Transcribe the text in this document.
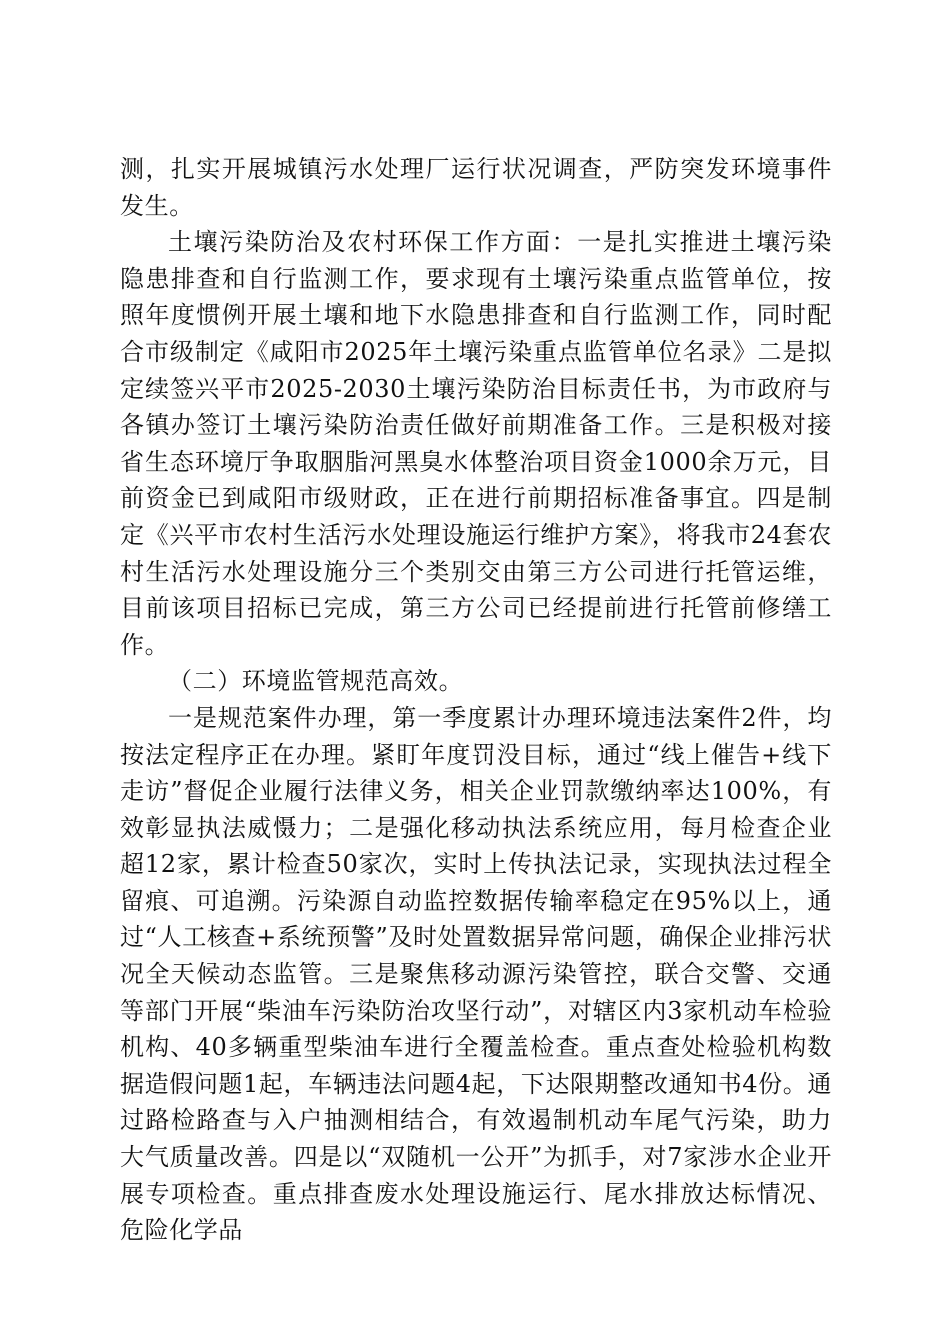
测，扎实开展城镇污水处理厂运行状况调查，严防突发环境事件发生。

土壤污染防治及农村环保工作方面：一是扎实推进土壤污染隐患排查和自行监测工作，要求现有土壤污染重点监管单位，按照年度惯例开展土壤和地下水隐患排查和自行监测工作，同时配合市级制定《咸阳市2025年土壤污染重点监管单位名录》二是拟定续签兴平市2025-2030土壤污染防治目标责任书，为市政府与各镇办签订土壤污染防治责任做好前期准备工作。三是积极对接省生态环境厅争取胭脂河黑臭水体整治项目资金1000余万元，目前资金已到咸阳市级财政，正在进行前期招标准备事宜。四是制定《兴平市农村生活污水处理设施运行维护方案》，将我市24套农村生活污水处理设施分三个类别交由第三方公司进行托管运维，目前该项目招标已完成，第三方公司已经提前进行托管前修缮工作。

（二）环境监管规范高效。

一是规范案件办理，第一季度累计办理环境违法案件2件，均按法定程序正在办理。紧盯年度罚没目标，通过“线上催告+线下走访”督促企业履行法律义务，相关企业罚款缴纳率达100%，有效彰显执法威慑力；二是强化移动执法系统应用，每月检查企业超12家，累计检查50家次，实时上传执法记录，实现执法过程全留痕、可追溯。污染源自动监控数据传输率稳定在95%以上，通过“人工核查+系统预警”及时处置数据异常问题，确保企业排污状况全天候动态监管。三是聚焦移动源污染管控，联合交警、交通等部门开展“柴油车污染防治攻坚行动”，对辖区内3家机动车检验机构、40多辆重型柴油车进行全覆盖检查。重点查处检验机构数据造假问题1起，车辆违法问题4起，下达限期整改通知书4份。通过路检路查与入户抽测相结合，有效遏制机动车尾气污染，助力大气质量改善。四是以“双随机一公开”为抓手，对7家涉水企业开展专项检查。重点排查废水处理设施运行、尾水排放达标情况、危险化学品
